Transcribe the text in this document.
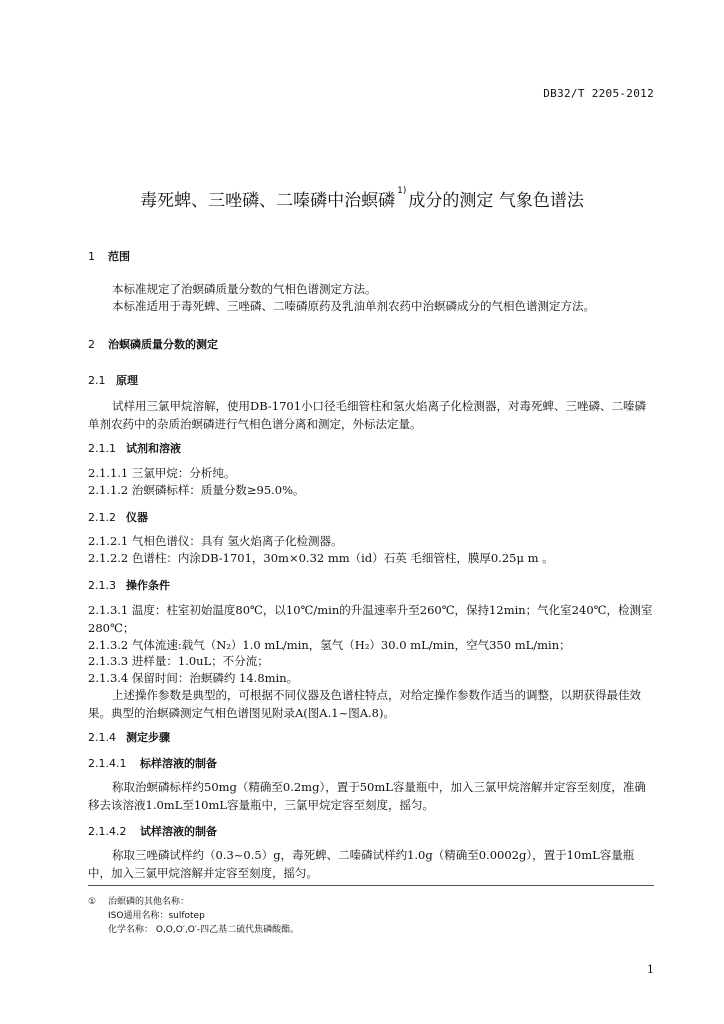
DB32/T 2205-2012
毒死蜱、三唑磷、二嗪磷中治螟磷 $^{1)}$ 成分的测定 气象色谱法
1 范围
本标准规定了治螟磷质量分数的气相色谱测定方法。
本标准适用于毒死蜱、三唑磷、二嗪磷原药及乳油单剂农药中治螟磷成分的气相色谱测定方法。
2 治螟磷质量分数的测定
2.1 原理
试样用三氯甲烷溶解，使用DB-1701小口径毛细管柱和氢火焰离子化检测器，对毒死蜱、三唑磷、二嗪磷单剂农药中的杂质治螟磷进行气相色谱分离和测定，外标法定量。
2.1.1 试剂和溶液
2.1.1.1 三氯甲烷：分析纯。
2.1.1.2 治螟磷标样：质量分数≥95.0%。
2.1.2 仪器
2.1.2.1 气相色谱仪：具有 氢火焰离子化检测器。
2.1.2.2 色谱柱：内涂DB-1701，30m×0.32 mm（id）石英 毛细管柱，膜厚0.25μ m 。
2.1.3 操作条件
2.1.3.1 温度：柱室初始温度80℃，以10℃/min的升温速率升至260℃，保持12min；气化室240℃，检测室280℃；
2.1.3.2 气体流速:载气（N₂）1.0 mL/min，氢气（H₂）30.0 mL/min，空气350 mL/min；
2.1.3.3 进样量：1.0uL；不分流；
2.1.3.4 保留时间：治螟磷约 14.8min。
上述操作参数是典型的，可根据不同仪器及色谱柱特点，对给定操作参数作适当的调整，以期获得最佳效果。典型的治螟磷测定气相色谱图见附录A(图A.1~图A.8)。
2.1.4 测定步骤
2.1.4.1 标样溶液的制备
称取治螟磷标样约50mg（精确至0.2mg），置于50mL容量瓶中，加入三氯甲烷溶解并定容至刻度，准确移去该溶液1.0mL至10mL容量瓶中，三氯甲烷定容至刻度，摇匀。
2.1.4.2 试样溶液的制备
称取三唑磷试样约（0.3~0.5）g，毒死蜱、二嗪磷试样约1.0g（精确至0.0002g），置于10mL容量瓶中，加入三氯甲烷溶解并定容至刻度，摇匀。
① 治螟磷的其他名称：
ISO通用名称：sulfotep
化学名称： O,O,O′,O′-四乙基二硫代焦磷酸酯。
1
